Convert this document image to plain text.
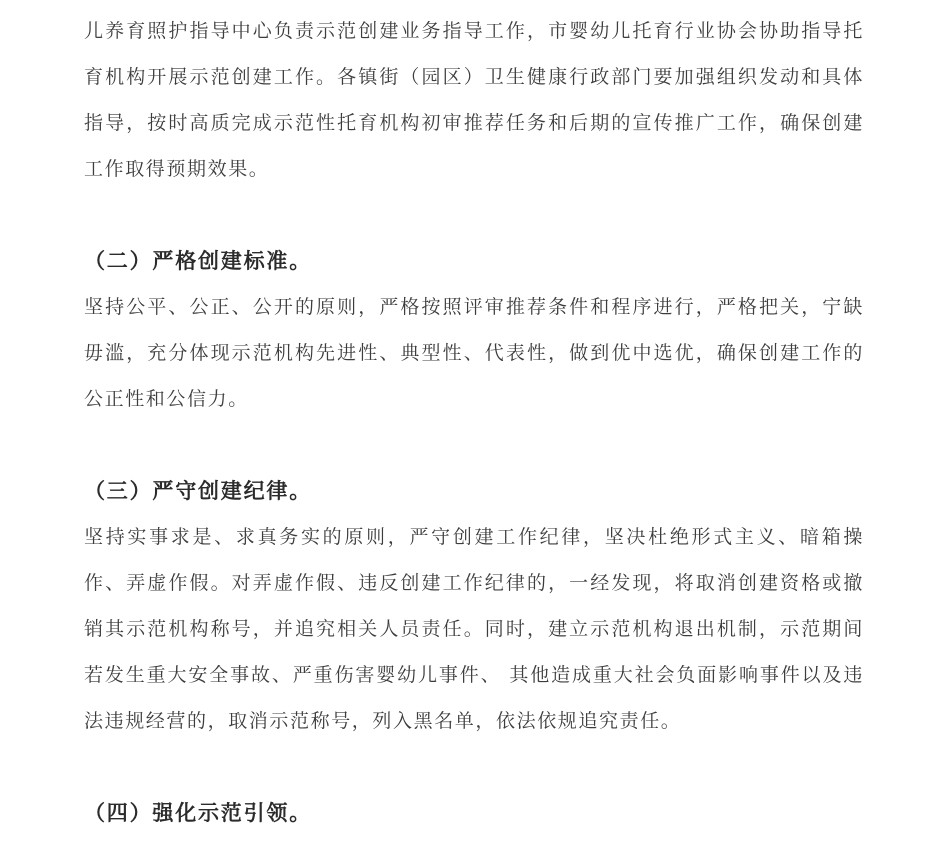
儿养育照护指导中心负责示范创建业务指导工作，市婴幼儿托育行业协会协助指导托育机构开展示范创建工作。各镇街（园区）卫生健康行政部门要加强组织发动和具体指导，按时高质完成示范性托育机构初审推荐任务和后期的宣传推广工作，确保创建工作取得预期效果。

（二）严格创建标准。

坚持公平、公正、公开的原则，严格按照评审推荐条件和程序进行，严格把关，宁缺毋滥，充分体现示范机构先进性、典型性、代表性，做到优中选优，确保创建工作的公正性和公信力。

（三）严守创建纪律。

坚持实事求是、求真务实的原则，严守创建工作纪律，坚决杜绝形式主义、暗箱操作、弄虚作假。对弄虚作假、违反创建工作纪律的，一经发现，将取消创建资格或撤销其示范机构称号，并追究相关人员责任。同时，建立示范机构退出机制，示范期间若发生重大安全事故、严重伤害婴幼儿事件、 其他造成重大社会负面影响事件以及违法违规经营的，取消示范称号，列入黑名单，依法依规追究责任。

（四）强化示范引领。
